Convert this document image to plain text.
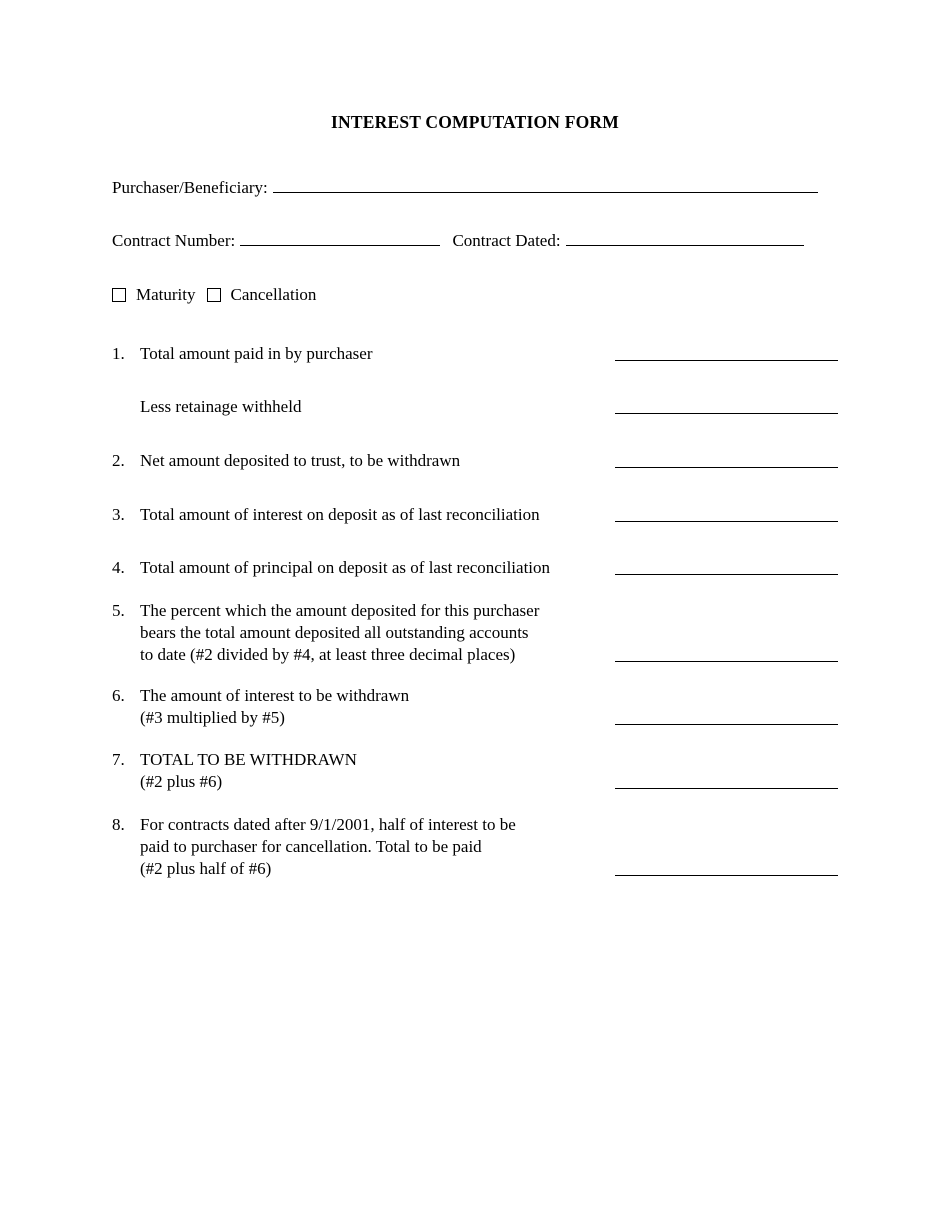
INTEREST COMPUTATION FORM
Purchaser/Beneficiary:
Contract Number:	Contract Dated:
Maturity Cancellation
1. Total amount paid in by purchaser
Less retainage withheld
2. Net amount deposited to trust, to be withdrawn
3. Total amount of interest on deposit as of last reconciliation
4. Total amount of principal on deposit as of last reconciliation
5. The percent which the amount deposited for this purchaser
bears the total amount deposited all outstanding accounts
to date (#2 divided by #4, at least three decimal places)
6. The amount of interest to be withdrawn
(#3 multiplied by #5)
7. TOTAL TO BE WITHDRAWN
(#2 plus #6)
8. For contracts dated after 9/1/2001, half of interest to be
paid to purchaser for cancellation. Total to be paid
(#2 plus half of #6)
